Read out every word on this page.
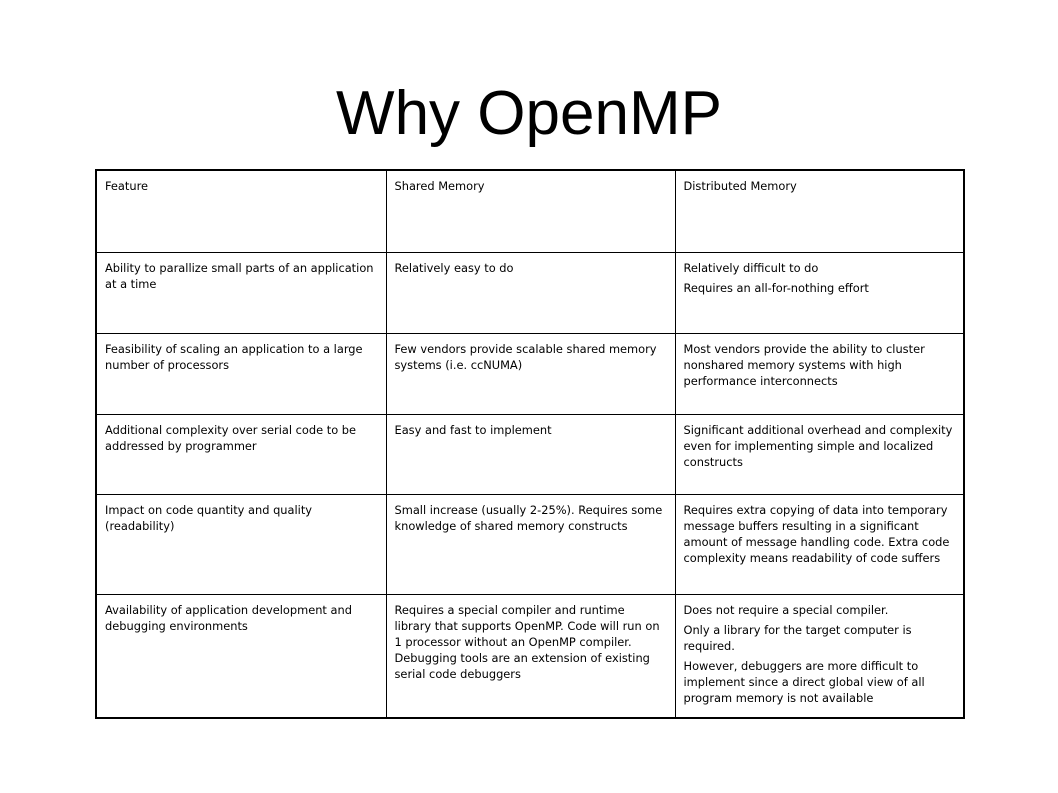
Why OpenMP
Feature	Shared Memory	Distributed Memory

Ability to parallize small parts of an application at a time	Relatively easy to do	Relatively difficult to do
Requires an all-for-nothing effort

Feasibility of scaling an application to a large number of processors	Few vendors provide scalable shared memory systems (i.e. ccNUMA)	Most vendors provide the ability to cluster nonshared memory systems with high performance interconnects

Additional complexity over serial code to be addressed by programmer	Easy and fast to implement	Significant additional overhead and complexity even for implementing simple and localized constructs

Impact on code quantity and quality (readability)	Small increase (usually 2-25%). Requires some knowledge of shared memory constructs	Requires extra copying of data into temporary message buffers resulting in a significant amount of message handling code. Extra code complexity means readability of code suffers

Availability of application development and debugging environments	Requires a special compiler and runtime library that supports OpenMP. Code will run on 1 processor without an OpenMP compiler. Debugging tools are an extension of existing serial code debuggers	Does not require a special compiler.
Only a library for the target computer is required.
However, debuggers are more difficult to implement since a direct global view of all program memory is not available
